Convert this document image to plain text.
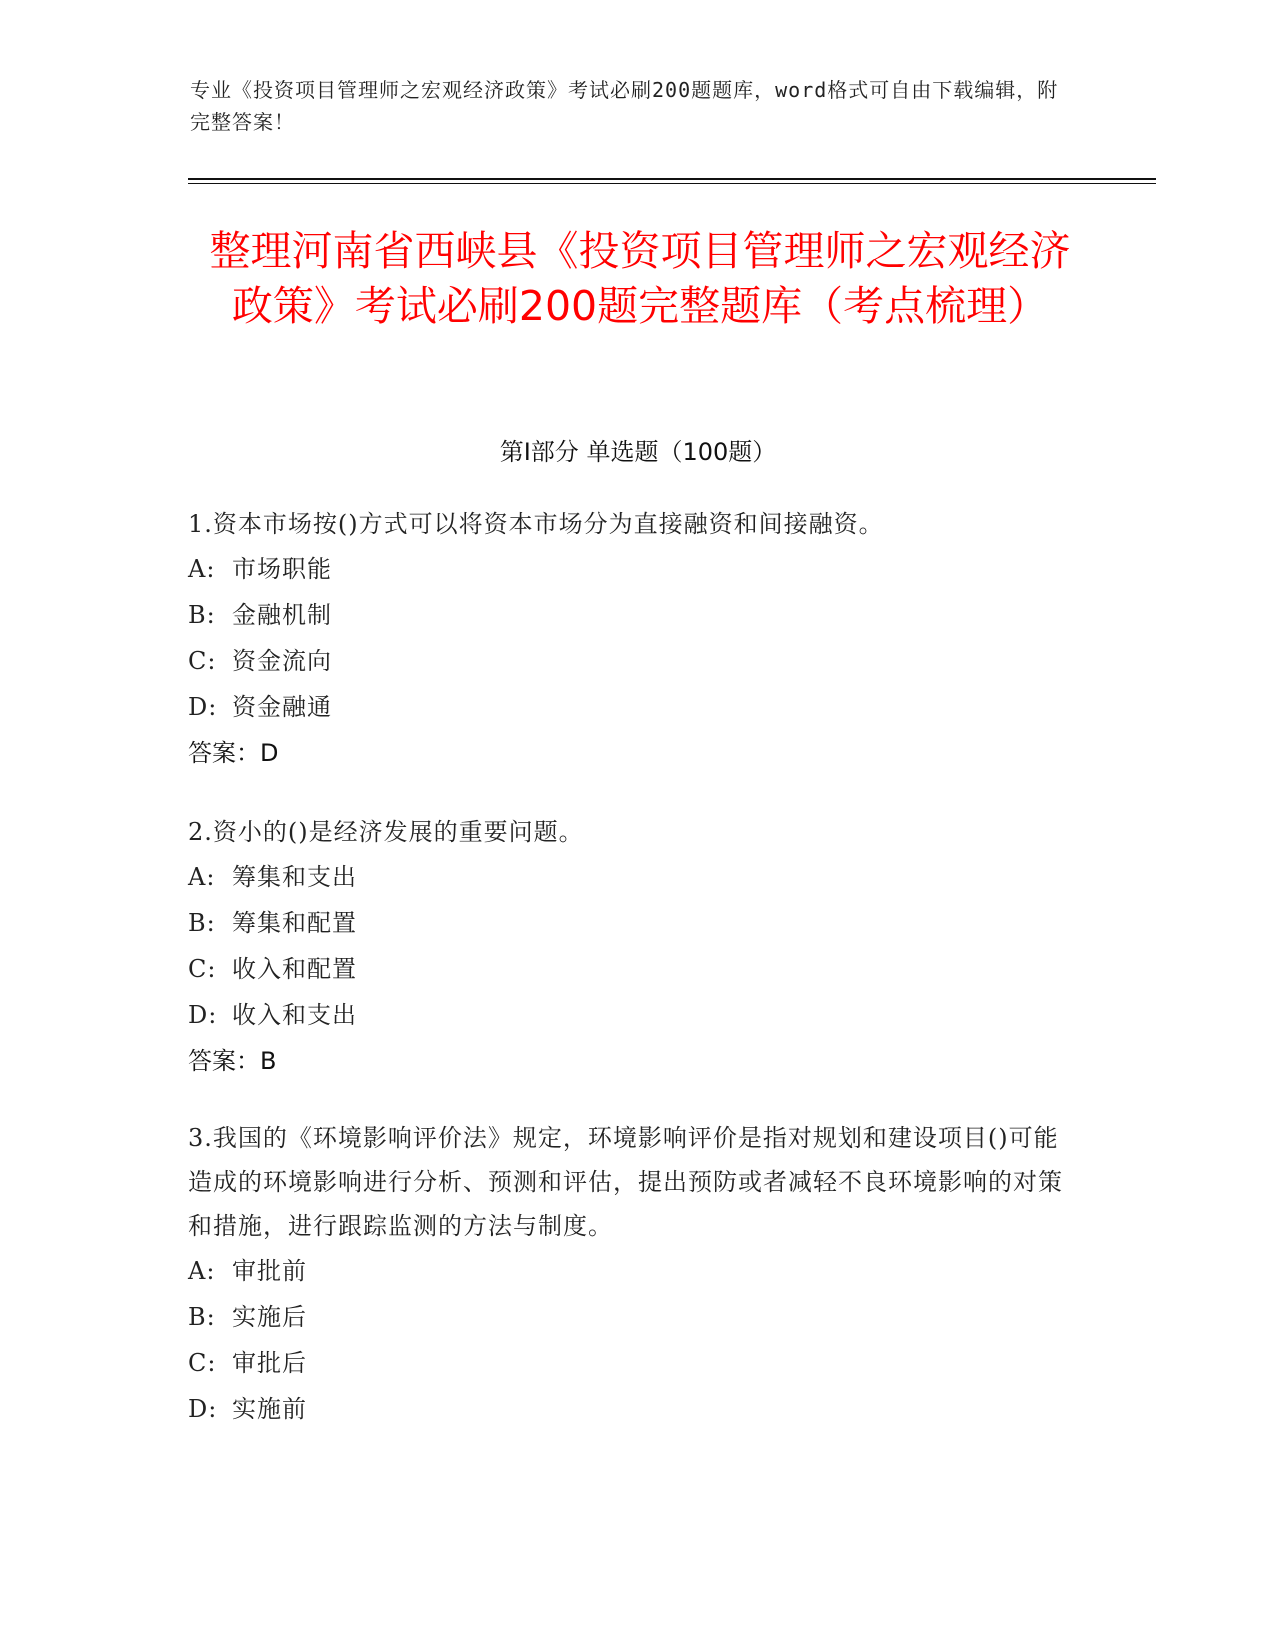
专业《投资项目管理师之宏观经济政策》考试必刷200题题库，word格式可自由下载编辑，附完整答案！
整理河南省西峡县《投资项目管理师之宏观经济政策》考试必刷200题完整题库（考点梳理）
第I部分 单选题（100题）
1.资本市场按()方式可以将资本市场分为直接融资和间接融资。
A: 市场职能
B: 金融机制
C: 资金流向
D: 资金融通
答案：D
2.资小的()是经济发展的重要问题。
A: 筹集和支出
B: 筹集和配置
C: 收入和配置
D: 收入和支出
答案：B
3.我国的《环境影响评价法》规定，环境影响评价是指对规划和建设项目()可能造成的环境影响进行分析、预测和评估，提出预防或者减轻不良环境影响的对策和措施，进行跟踪监测的方法与制度。
A: 审批前
B: 实施后
C: 审批后
D: 实施前
